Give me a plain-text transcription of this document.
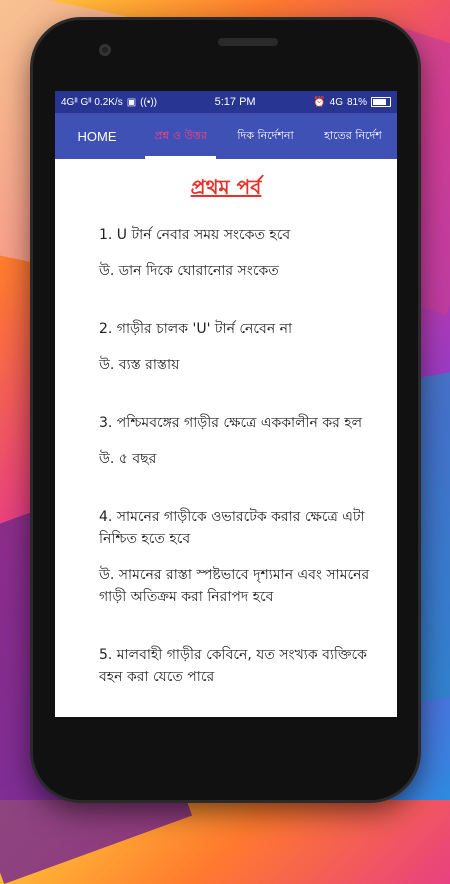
4Gᴵᴵ Gᴵᴵ 0.2K/s ▣ ((•))	5:17 PM	⏰ 4G 81%
HOME	প্রশ্ন ও উত্তর	দিক নির্দেশনা	হাতের নির্দেশ
প্রথম পর্ব
1. U টার্ন নেবার সময় সংকেত হবে
উ. ডান দিকে ঘোরানোর সংকেত
2. গাড়ীর চালক 'U' টার্ন নেবেন না
উ. ব্যস্ত রাস্তায়
3. পশ্চিমবঙ্গের গাড়ীর ক্ষেত্রে এককালীন কর হল
উ. ৫ বছর
4. সামনের গাড়ীকে ওভারটেক করার ক্ষেত্রে এটা নিশ্চিত হতে হবে
উ. সামনের রাস্তা স্পষ্টভাবে দৃশ্যমান এবং সামনের গাড়ী অতিক্রম করা নিরাপদ হবে
5. মালবাহী গাড়ীর কেবিনে, যত সংখ্যক ব্যক্তিকে বহন করা যেতে পারে
